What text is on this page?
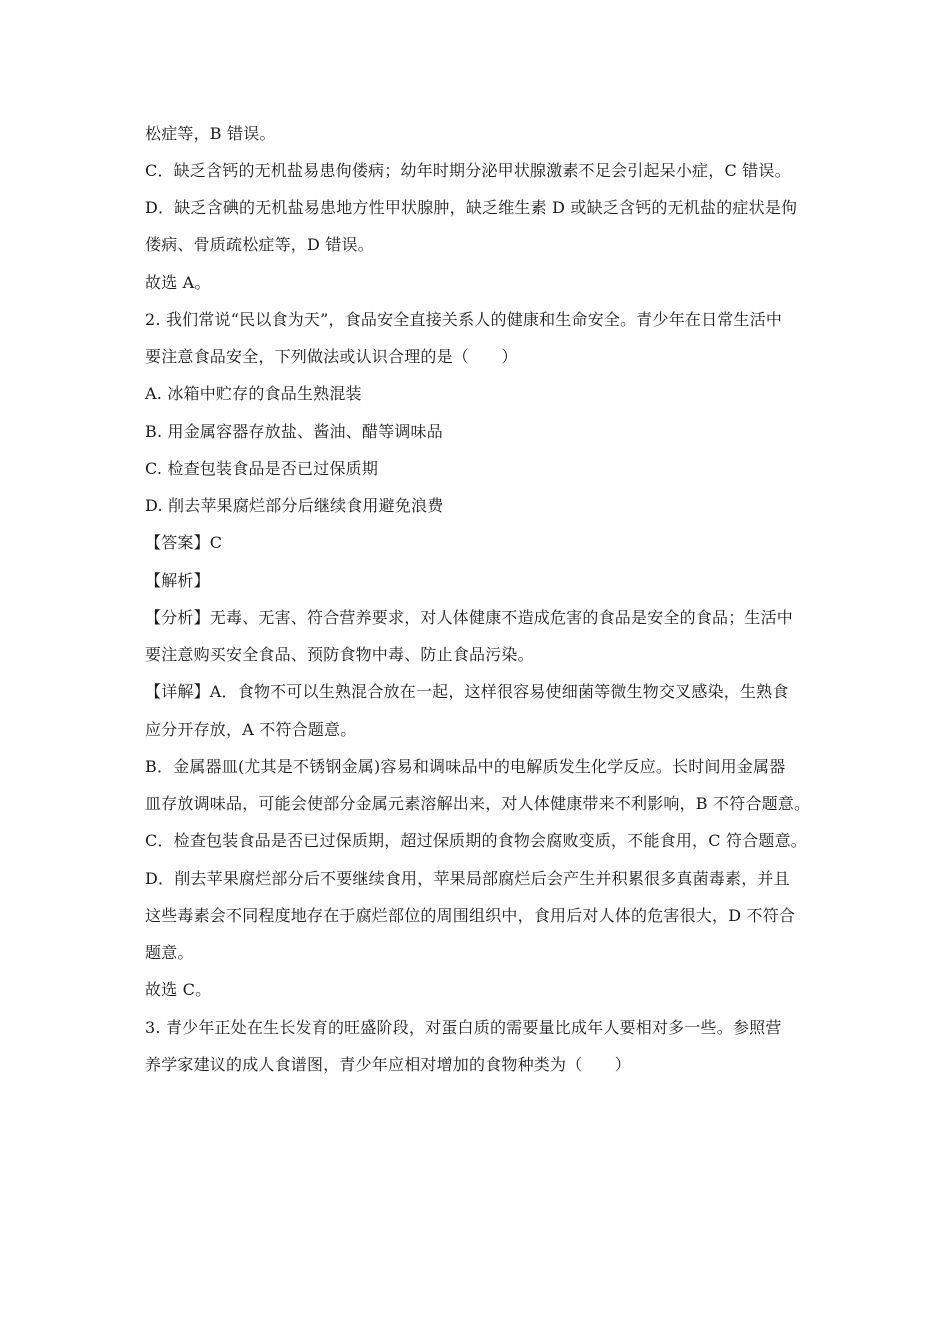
松症等，B 错误。
C．缺乏含钙的无机盐易患佝偻病；幼年时期分泌甲状腺激素不足会引起呆小症，C 错误。
D．缺乏含碘的无机盐易患地方性甲状腺肿，缺乏维生素 D 或缺乏含钙的无机盐的症状是佝
偻病、骨质疏松症等，D 错误。
故选 A。
2. 我们常说“民以食为天”，食品安全直接关系人的健康和生命安全。青少年在日常生活中
要注意食品安全，下列做法或认识合理的是（　　）
A. 冰箱中贮存的食品生熟混装
B. 用金属容器存放盐、酱油、醋等调味品
C. 检查包装食品是否已过保质期
D. 削去苹果腐烂部分后继续食用避免浪费
【答案】C
【解析】
【分析】无毒、无害、符合营养要求，对人体健康不造成危害的食品是安全的食品；生活中
要注意购买安全食品、预防食物中毒、防止食品污染。
【详解】A．食物不可以生熟混合放在一起，这样很容易使细菌等微生物交叉感染，生熟食
应分开存放，A 不符合题意。
B．金属器皿(尤其是不锈钢金属)容易和调味品中的电解质发生化学反应。长时间用金属器
皿存放调味品，可能会使部分金属元素溶解出来，对人体健康带来不利影响，B 不符合题意。
C．检查包装食品是否已过保质期，超过保质期的食物会腐败变质，不能食用，C 符合题意。
D．削去苹果腐烂部分后不要继续食用，苹果局部腐烂后会产生并积累很多真菌毒素，并且
这些毒素会不同程度地存在于腐烂部位的周围组织中，食用后对人体的危害很大，D 不符合
题意。
故选 C。
3. 青少年正处在生长发育的旺盛阶段，对蛋白质的需要量比成年人要相对多一些。参照营
养学家建议的成人食谱图，青少年应相对增加的食物种类为（　　）
